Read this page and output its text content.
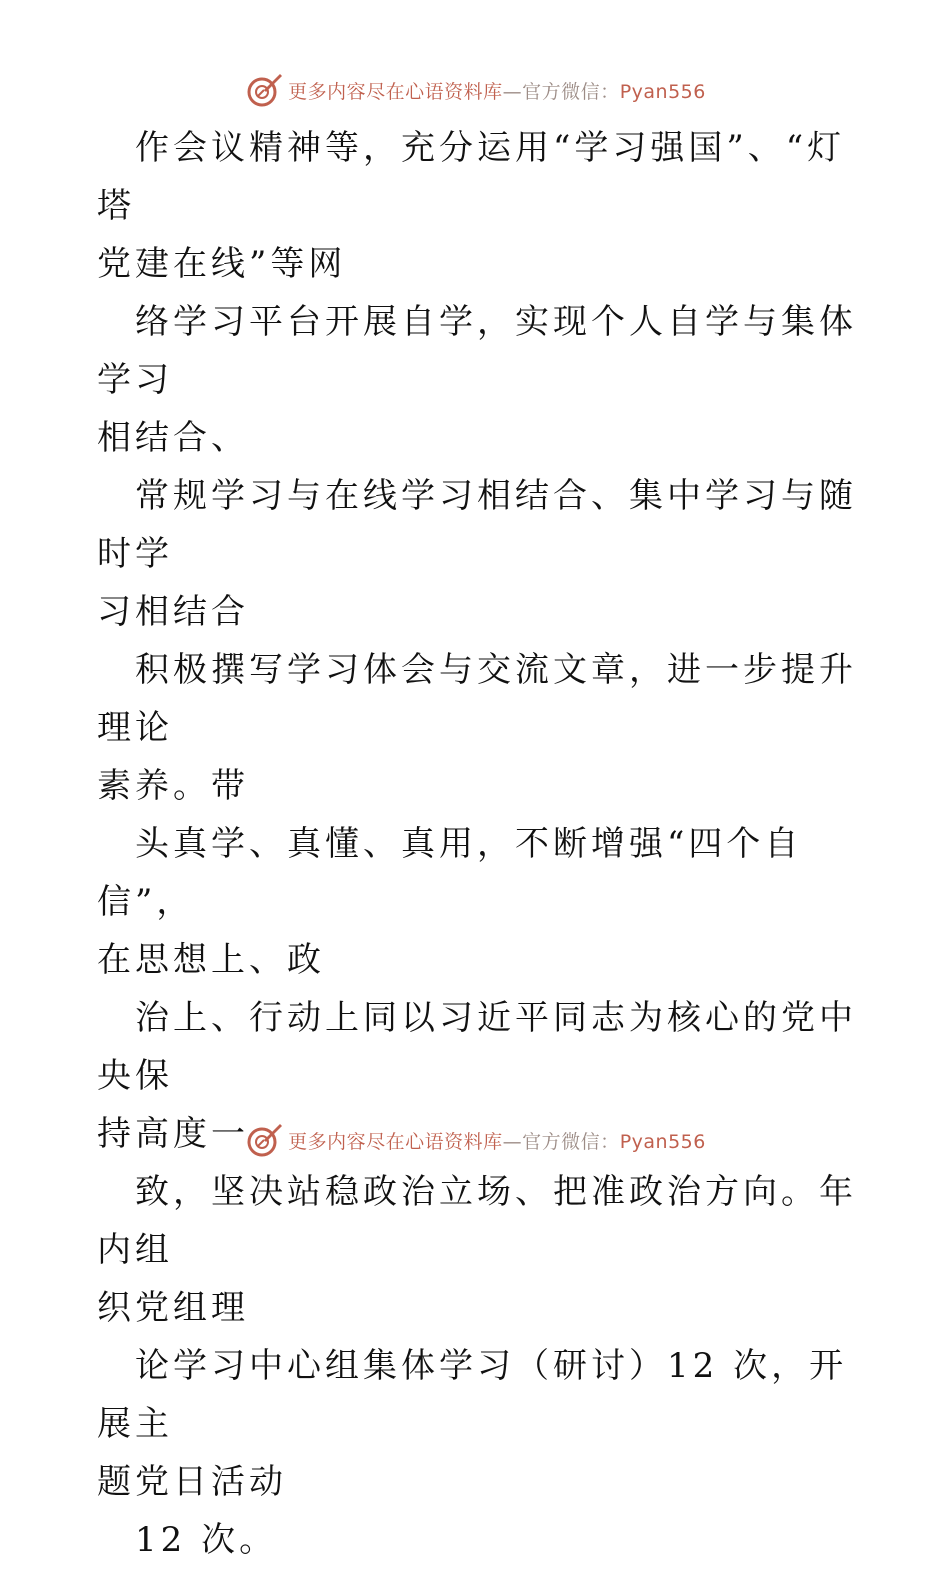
更多内容尽在心语资料库—官方微信：Pyan556

作会议精神等，充分运用“学习强国”、“灯塔
党建在线”等网

络学习平台开展自学，实现个人自学与集体学习
相结合、

常规学习与在线学习相结合、集中学习与随时学
习相结合

积极撰写学习体会与交流文章，进一步提升理论
素养。带

头真学、真懂、真用，不断增强“四个自信”，
在思想上、政

治上、行动上同以习近平同志为核心的党中央保
持高度一

致，坚决站稳政治立场、把准政治方向。年内组
织党组理

论学习中心组集体学习（研讨）12 次，开展主
题党日活动

12 次。

更多内容尽在心语资料库—官方微信：Pyan556
